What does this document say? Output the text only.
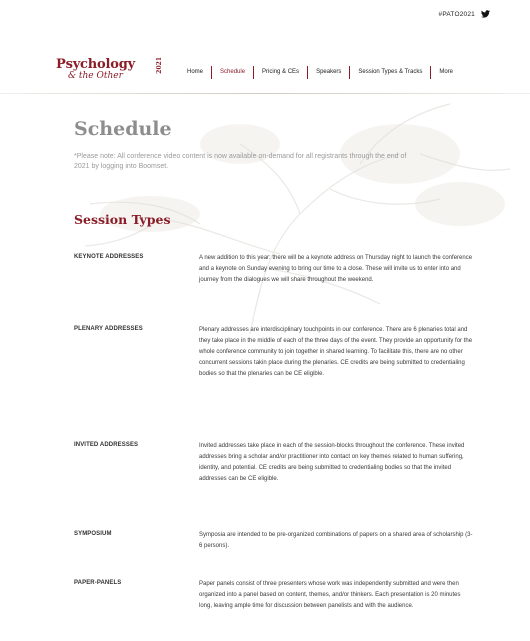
#PATO2021
Psychology
& the Other
2021	Home	Schedule	Pricing & CEs	Speakers	Session Types & Tracks	More
Schedule

*Please note: All conference video content is now available on-demand for all registrants through the end of 2021 by logging into Boomset.

Session Types
KEYNOTE ADDRESSES	A new addition to this year: there will be a keynote address on Thursday night to launch the conference and a keynote on Sunday evening to bring our time to a close. These will invite us to enter into and journey from the dialogues we will share throughout the weekend.

PLENARY ADDRESSES	Plenary addresses are interdisciplinary touchpoints in our conference. There are 6 plenaries total and they take place in the middle of each of the three days of the event. They provide an opportunity for the whole conference community to join together in shared learning. To facilitate this, there are no other concurrent sessions takin place during the plenaries. CE credits are being submitted to credentialing bodies so that the plenaries can be CE eligible.

INVITED ADDRESSES	Invited addresses take place in each of the session-blocks throughout the conference. These invited addresses bring a scholar and/or practitioner into contact on key themes related to human suffering, identity, and potential. CE credits are being submitted to credentialing bodies so that the invited addresses can be CE eligible.

SYMPOSIUM	Symposia are intended to be pre-organized combinations of papers on a shared area of scholarship (3-6 persons).

PAPER-PANELS	Paper panels consist of three presenters whose work was independently submitted and were then organized into a panel based on content, themes, and/or thinkers. Each presentation is 20 minutes long, leaving ample time for discussion between panelists and with the audience.
